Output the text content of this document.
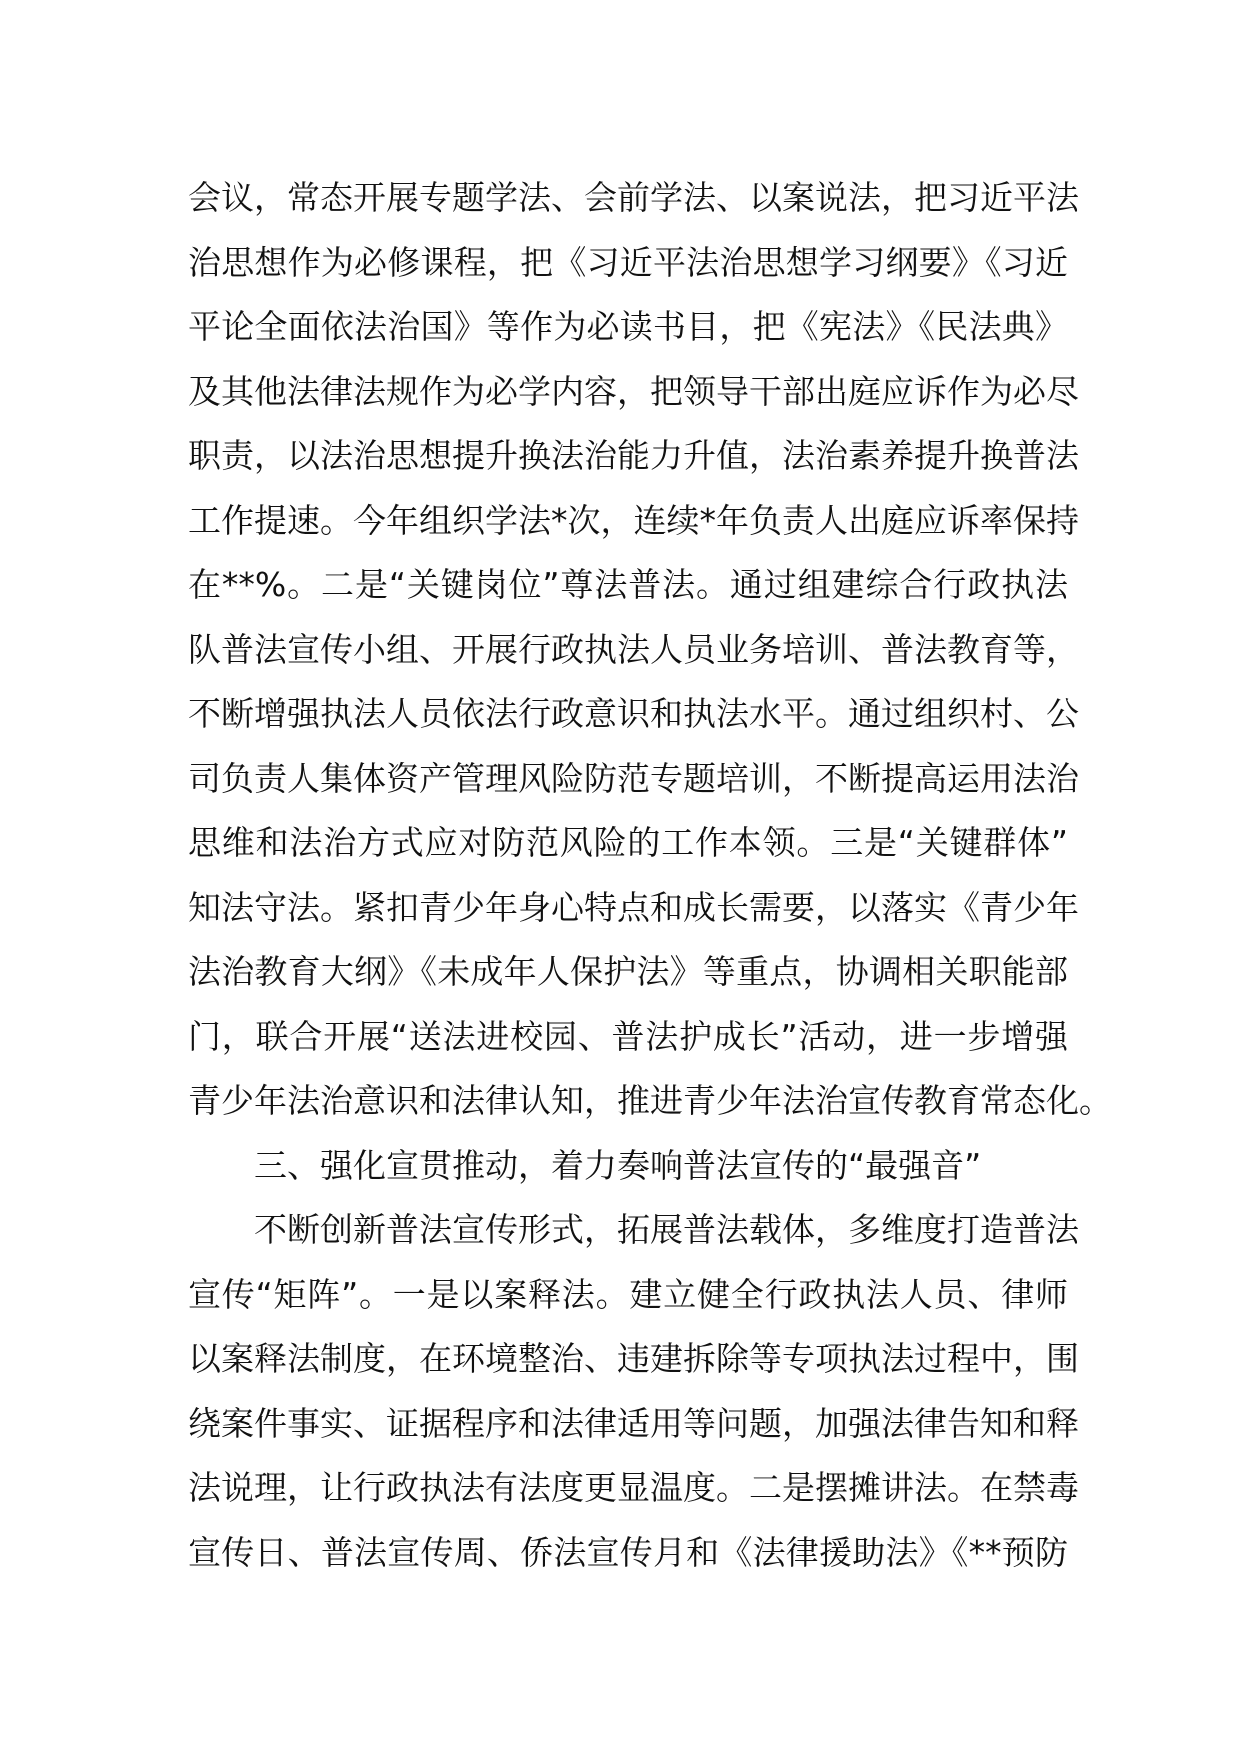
会议，常态开展专题学法、会前学法、以案说法，把习近平法
治思想作为必修课程，把《习近平法治思想学习纲要》《习近
平论全面依法治国》等作为必读书目，把《宪法》《民法典》
及其他法律法规作为必学内容，把领导干部出庭应诉作为必尽
职责，以法治思想提升换法治能力升值，法治素养提升换普法
工作提速。今年组织学法*次，连续*年负责人出庭应诉率保持
在**%。二是“关键岗位”尊法普法。通过组建综合行政执法
队普法宣传小组、开展行政执法人员业务培训、普法教育等，
不断增强执法人员依法行政意识和执法水平。通过组织村、公
司负责人集体资产管理风险防范专题培训，不断提高运用法治
思维和法治方式应对防范风险的工作本领。三是“关键群体”
知法守法。紧扣青少年身心特点和成长需要，以落实《青少年
法治教育大纲》《未成年人保护法》等重点，协调相关职能部
门，联合开展“送法进校园、普法护成长”活动，进一步增强
青少年法治意识和法律认知，推进青少年法治宣传教育常态化。
三、强化宣贯推动，着力奏响普法宣传的“最强音”
不断创新普法宣传形式，拓展普法载体，多维度打造普法
宣传“矩阵”。一是以案释法。建立健全行政执法人员、律师
以案释法制度，在环境整治、违建拆除等专项执法过程中，围
绕案件事实、证据程序和法律适用等问题，加强法律告知和释
法说理，让行政执法有法度更显温度。二是摆摊讲法。在禁毒
宣传日、普法宣传周、侨法宣传月和《法律援助法》《**预防
